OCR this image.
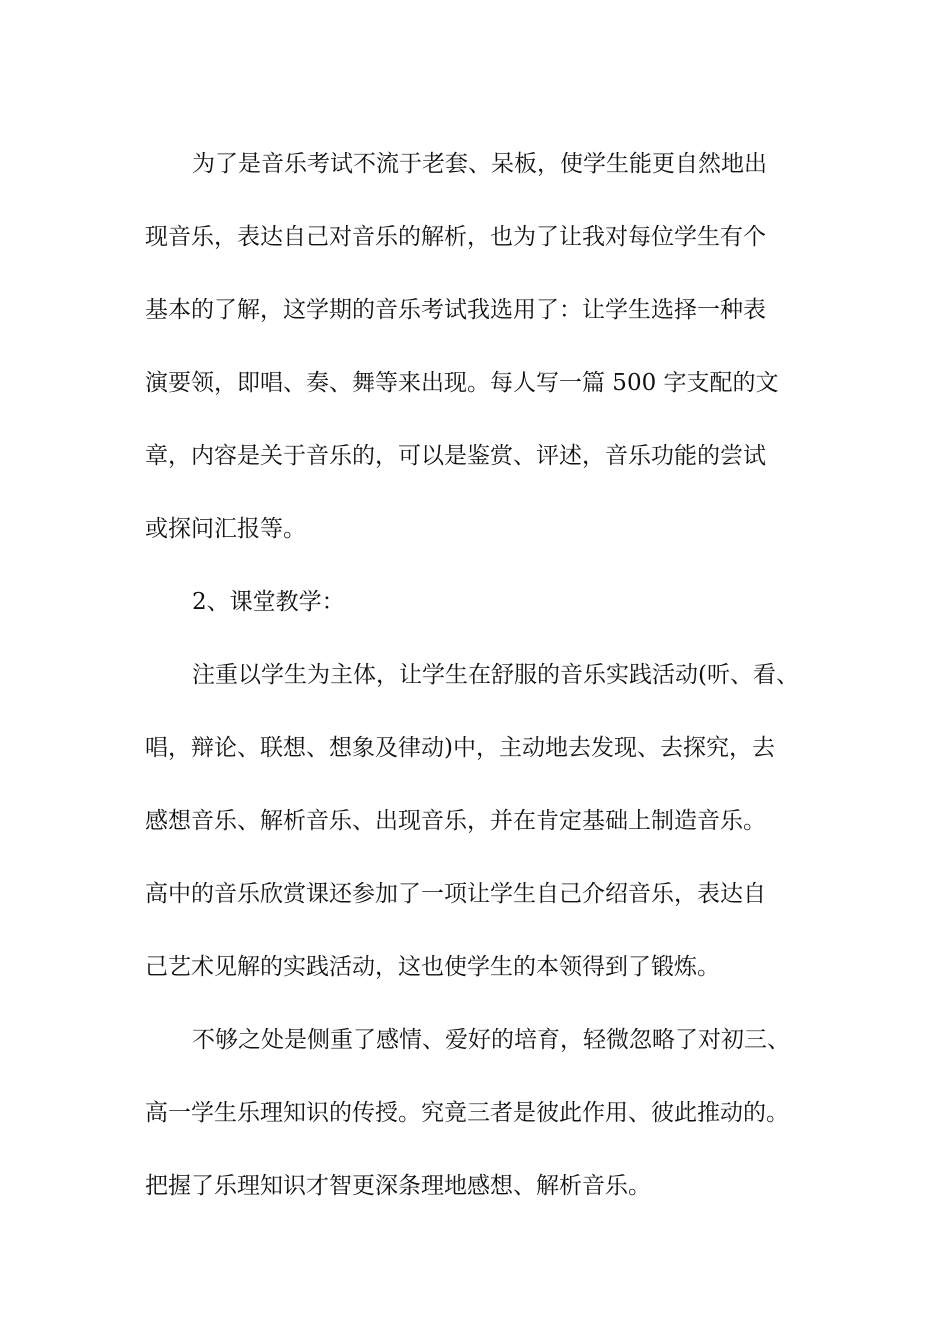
为了是音乐考试不流于老套、呆板，使学生能更自然地出
现音乐，表达自己对音乐的解析，也为了让我对每位学生有个
基本的了解，这学期的音乐考试我选用了：让学生选择一种表
演要领，即唱、奏、舞等来出现。每人写一篇 500 字支配的文
章，内容是关于音乐的，可以是鉴赏、评述，音乐功能的尝试
或探问汇报等。

2、课堂教学：

注重以学生为主体，让学生在舒服的音乐实践活动(听、看、
唱，辩论、联想、想象及律动)中，主动地去发现、去探究，去
感想音乐、解析音乐、出现音乐，并在肯定基础上制造音乐。
高中的音乐欣赏课还参加了一项让学生自己介绍音乐，表达自
己艺术见解的实践活动，这也使学生的本领得到了锻炼。

不够之处是侧重了感情、爱好的培育，轻微忽略了对初三、
高一学生乐理知识的传授。究竟三者是彼此作用、彼此推动的。
把握了乐理知识才智更深条理地感想、解析音乐。
